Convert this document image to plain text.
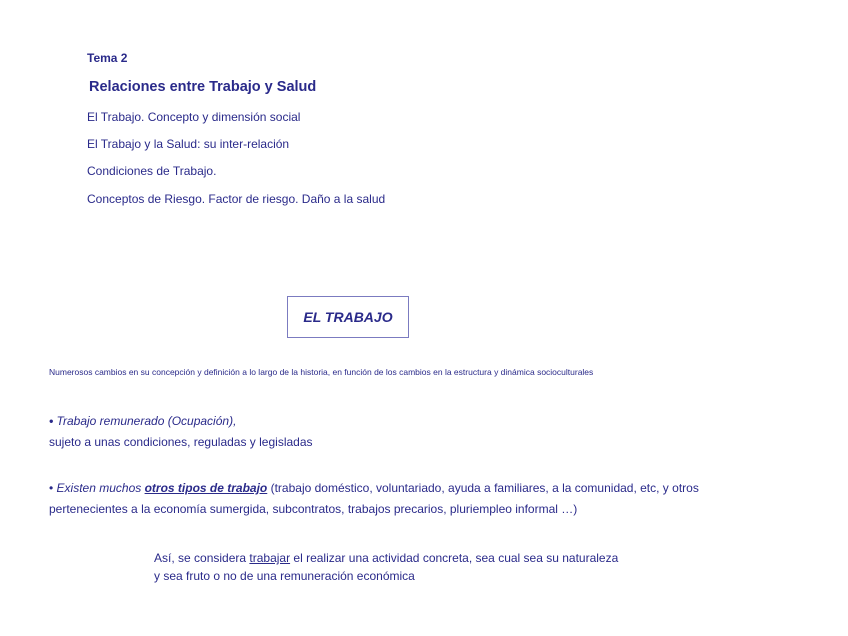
Tema 2
Relaciones entre Trabajo y Salud
El Trabajo. Concepto y dimensión social
El Trabajo y la Salud: su inter-relación
Condiciones de Trabajo.
Conceptos de Riesgo. Factor de riesgo. Daño a la salud
EL TRABAJO
Numerosos cambios en su concepción y definición a lo largo de la historia, en función de los cambios en la estructura y dinámica socioculturales
• Trabajo remunerado (Ocupación),
sujeto a unas condiciones, reguladas y legisladas
• Existen muchos otros tipos de trabajo (trabajo doméstico, voluntariado, ayuda a familiares, a la comunidad, etc, y otros
pertenecientes a la economía sumergida, subcontratos, trabajos precarios, pluriempleo informal …)
Así, se considera trabajar el realizar una actividad concreta, sea cual sea su naturaleza
y sea fruto o no de una remuneración económica
